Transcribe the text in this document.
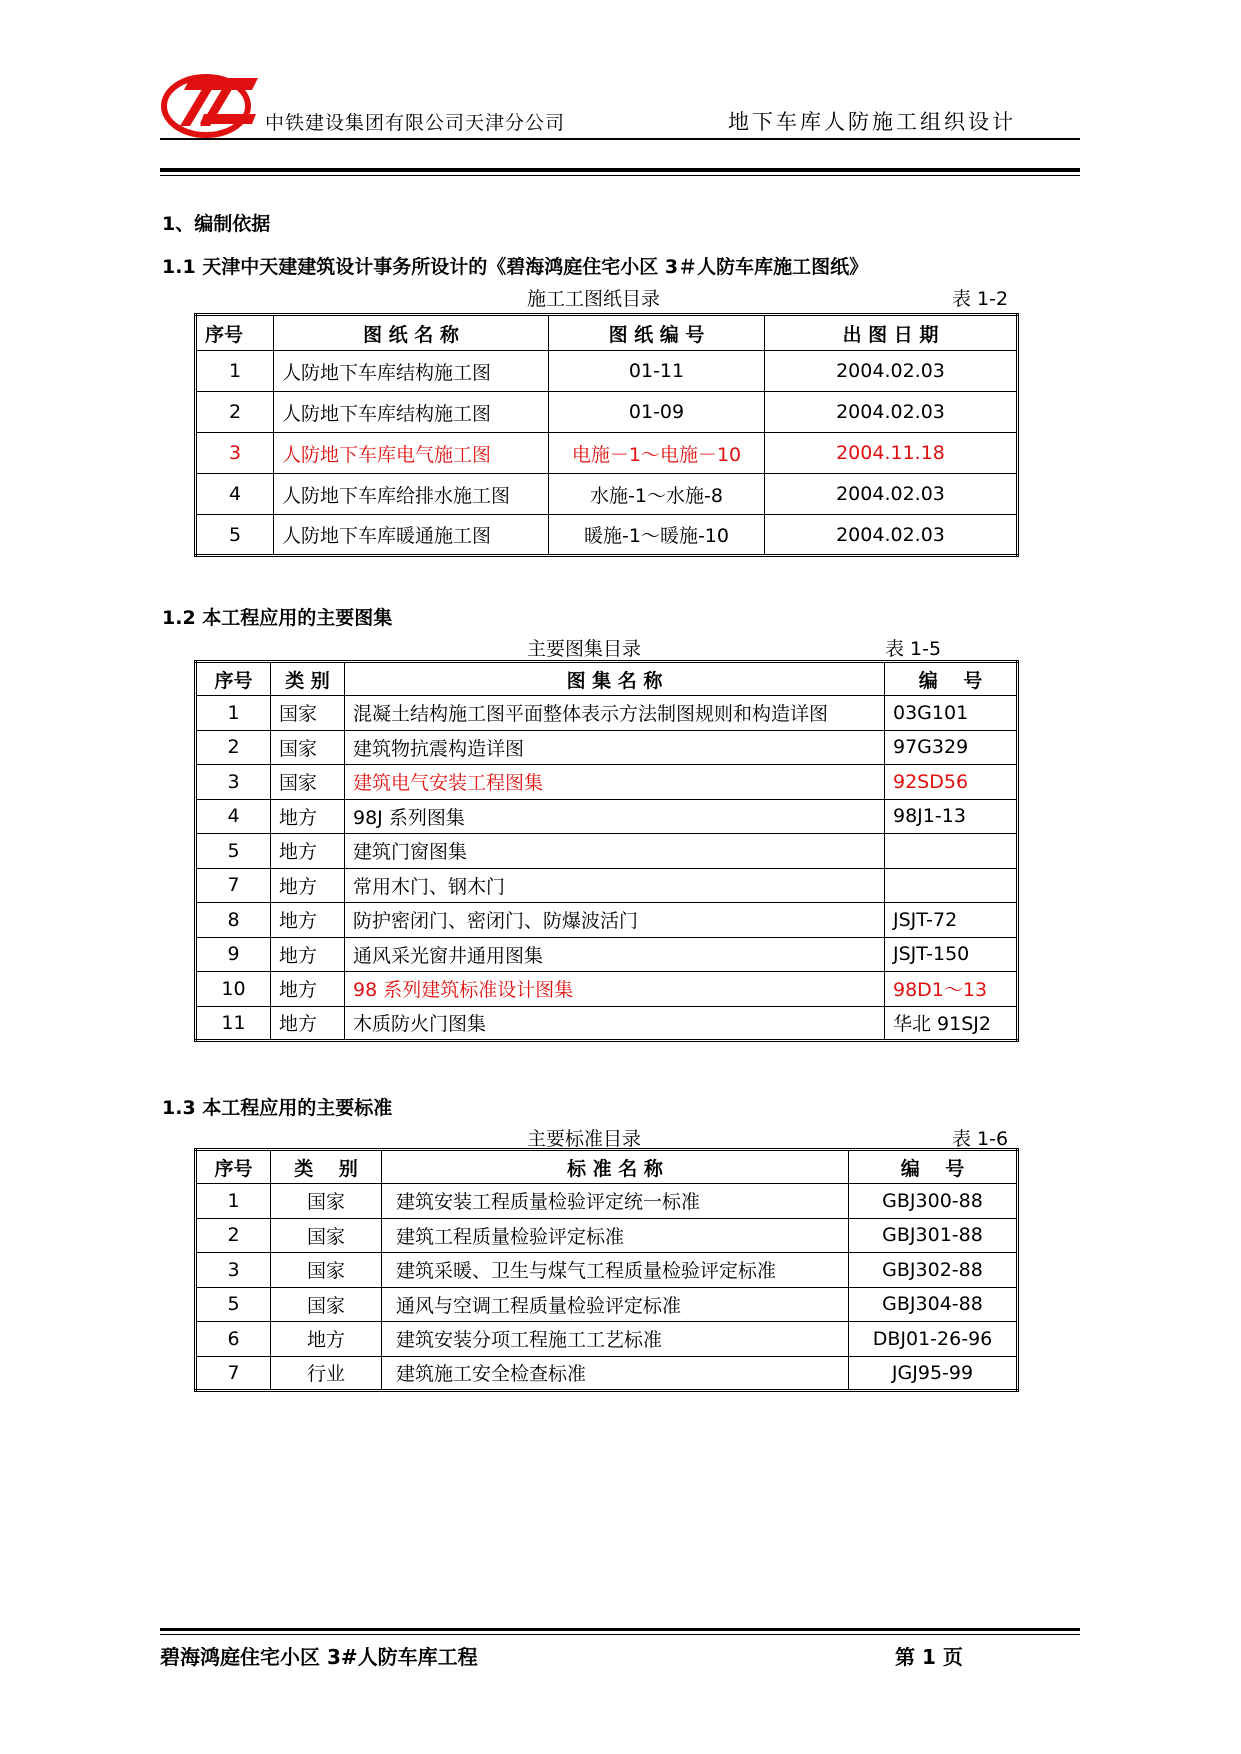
中铁建设集团有限公司天津分公司	地下车库人防施工组织设计
1、编制依据
1.1 天津中天建建筑设计事务所设计的《碧海鸿庭住宅小区 3＃人防车库施工图纸》
施工工图纸目录	表 1-2
序号	图 纸 名 称	图 纸 编 号	出 图 日 期
1	人防地下车库结构施工图	01-11	2004.02.03
2	人防地下车库结构施工图	01-09	2004.02.03
3	人防地下车库电气施工图	电施－1～电施－10	2004.11.18
4	人防地下车库给排水施工图	水施-1～水施-8	2004.02.03
5	人防地下车库暖通施工图	暖施-1～暖施-10	2004.02.03
1.2 本工程应用的主要图集
主要图集目录	表 1-5
序号	类 别	图 集 名 称	编　 号
1	国家	混凝土结构施工图平面整体表示方法制图规则和构造详图	03G101
2	国家	建筑物抗震构造详图	97G329
3	国家	建筑电气安装工程图集	92SD56
4	地方	98J 系列图集	98J1-13
5	地方	建筑门窗图集	
7	地方	常用木门、钢木门	
8	地方	防护密闭门、密闭门、防爆波活门	JSJT-72
9	地方	通风采光窗井通用图集	JSJT-150
10	地方	98 系列建筑标准设计图集	98D1～13
11	地方	木质防火门图集	华北 91SJ2
1.3 本工程应用的主要标准
主要标准目录	表 1-6
序号	类　 别	标 准 名 称	编　 号
1	国家	建筑安装工程质量检验评定统一标准	GBJ300-88
2	国家	建筑工程质量检验评定标准	GBJ301-88
3	国家	建筑采暖、卫生与煤气工程质量检验评定标准	GBJ302-88
5	国家	通风与空调工程质量检验评定标准	GBJ304-88
6	地方	建筑安装分项工程施工工艺标准	DBJ01-26-96
7	行业	建筑施工安全检查标准	JGJ95-99
碧海鸿庭住宅小区 3#人防车库工程	第 1 页
